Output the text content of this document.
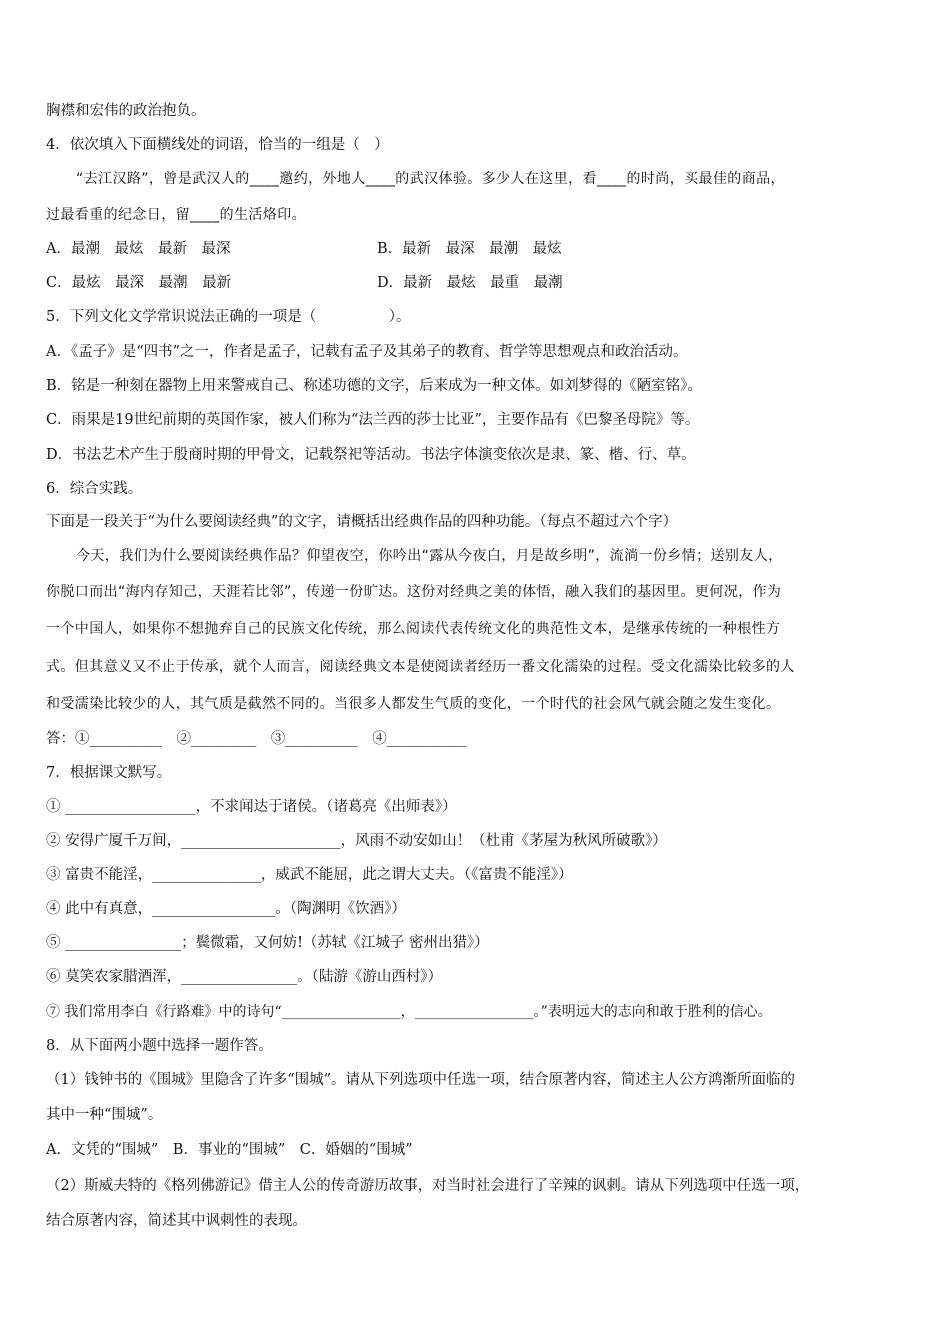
胸襟和宏伟的政治抱负。
4．依次填入下面横线处的词语，恰当的一组是（　）
“去江汉路”，曾是武汉人的____邀约，外地人____的武汉体验。多少人在这里，看____的时尚，买最佳的商品，
过最看重的纪念日，留____的生活烙印。
A．最潮　最炫　最新　最深	B．最新　最深　最潮　最炫
C．最炫　最深　最潮　最新	D．最新　最炫　最重　最潮
5．下列文化文学常识说法正确的一项是（　　　　　）。
A．《孟子》是“四书”之一，作者是孟子，记载有孟子及其弟子的教育、哲学等思想观点和政治活动。
B．铭是一种刻在器物上用来警戒自己、称述功德的文字，后来成为一种文体。如刘梦得的《陋室铭》。
C．雨果是19世纪前期的英国作家，被人们称为“法兰西的莎士比亚”，主要作品有《巴黎圣母院》等。
D．书法艺术产生于殷商时期的甲骨文，记载祭祀等活动。书法字体演变依次是隶、篆、楷、行、草。
6．综合实践。
下面是一段关于“为什么要阅读经典”的文字，请概括出经典作品的四种功能。（每点不超过六个字）
今天，我们为什么要阅读经典作品？仰望夜空，你吟出“露从今夜白，月是故乡明”，流淌一份乡情；送别友人，
你脱口而出“海内存知己，天涯若比邻”，传递一份旷达。这份对经典之美的体悟，融入我们的基因里。更何况，作为
一个中国人，如果你不想抛弃自己的民族文化传统，那么阅读代表传统文化的典范性文本，是继承传统的一种根性方
式。但其意义又不止于传承，就个人而言，阅读经典文本是使阅读者经历一番文化濡染的过程。受文化濡染比较多的人
和受濡染比较少的人，其气质是截然不同的。当很多人都发生气质的变化，一个时代的社会风气就会随之发生变化。
答：①__________　②_________　③__________　④___________
7．根据课文默写。
① __________________，不求闻达于诸侯。（诸葛亮《出师表》）
② 安得广厦千万间，______________________，风雨不动安如山！（杜甫《茅屋为秋风所破歌》）
③ 富贵不能淫，_______________，威武不能屈，此之谓大丈夫。（《富贵不能淫》）
④ 此中有真意，_________________。（陶渊明《饮酒》）
⑤ ________________；鬓微霜，又何妨!（苏轼《江城子 密州出猎》）
⑥ 莫笑农家腊酒浑，________________。（陆游《游山西村》）
⑦ 我们常用李白《行路难》中的诗句“_________________，_________________。”表明远大的志向和敢于胜利的信心。
8．从下面两小题中选择一题作答。
（1）钱钟书的《围城》里隐含了许多“围城”。请从下列选项中任选一项，结合原著内容，简述主人公方鸿渐所面临的
其中一种“围城”。
A．文凭的“围城”　B．事业的“围城”　C．婚姻的“围城”
（2）斯威夫特的《格列佛游记》借主人公的传奇游历故事，对当时社会进行了辛辣的讽刺。请从下列选项中任选一项，
结合原著内容，简述其中讽刺性的表现。
